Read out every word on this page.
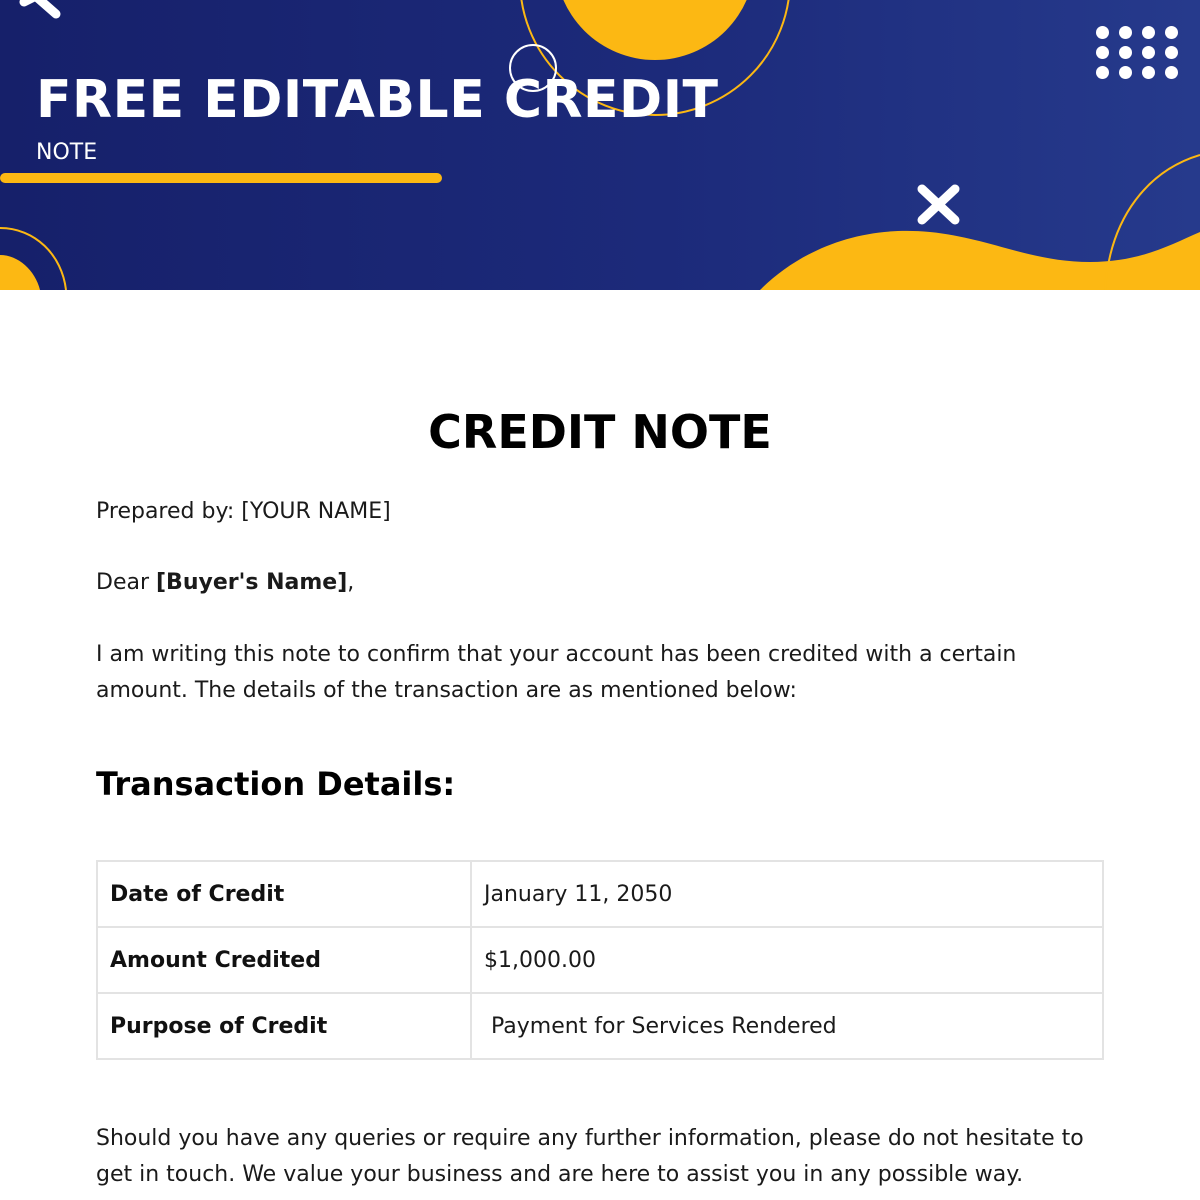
FREE EDITABLE CREDIT

NOTE

CREDIT NOTE

Prepared by: [YOUR NAME]

Dear [Buyer's Name],

I am writing this note to confirm that your account has been credited with a certain amount. The details of the transaction are as mentioned below:

Transaction Details:
Date of Credit	January 11, 2050
Amount Credited	$1,000.00
Purpose of Credit	Payment for Services Rendered

Should you have any queries or require any further information, please do not hesitate to get in touch. We value your business and are here to assist you in any possible way.
